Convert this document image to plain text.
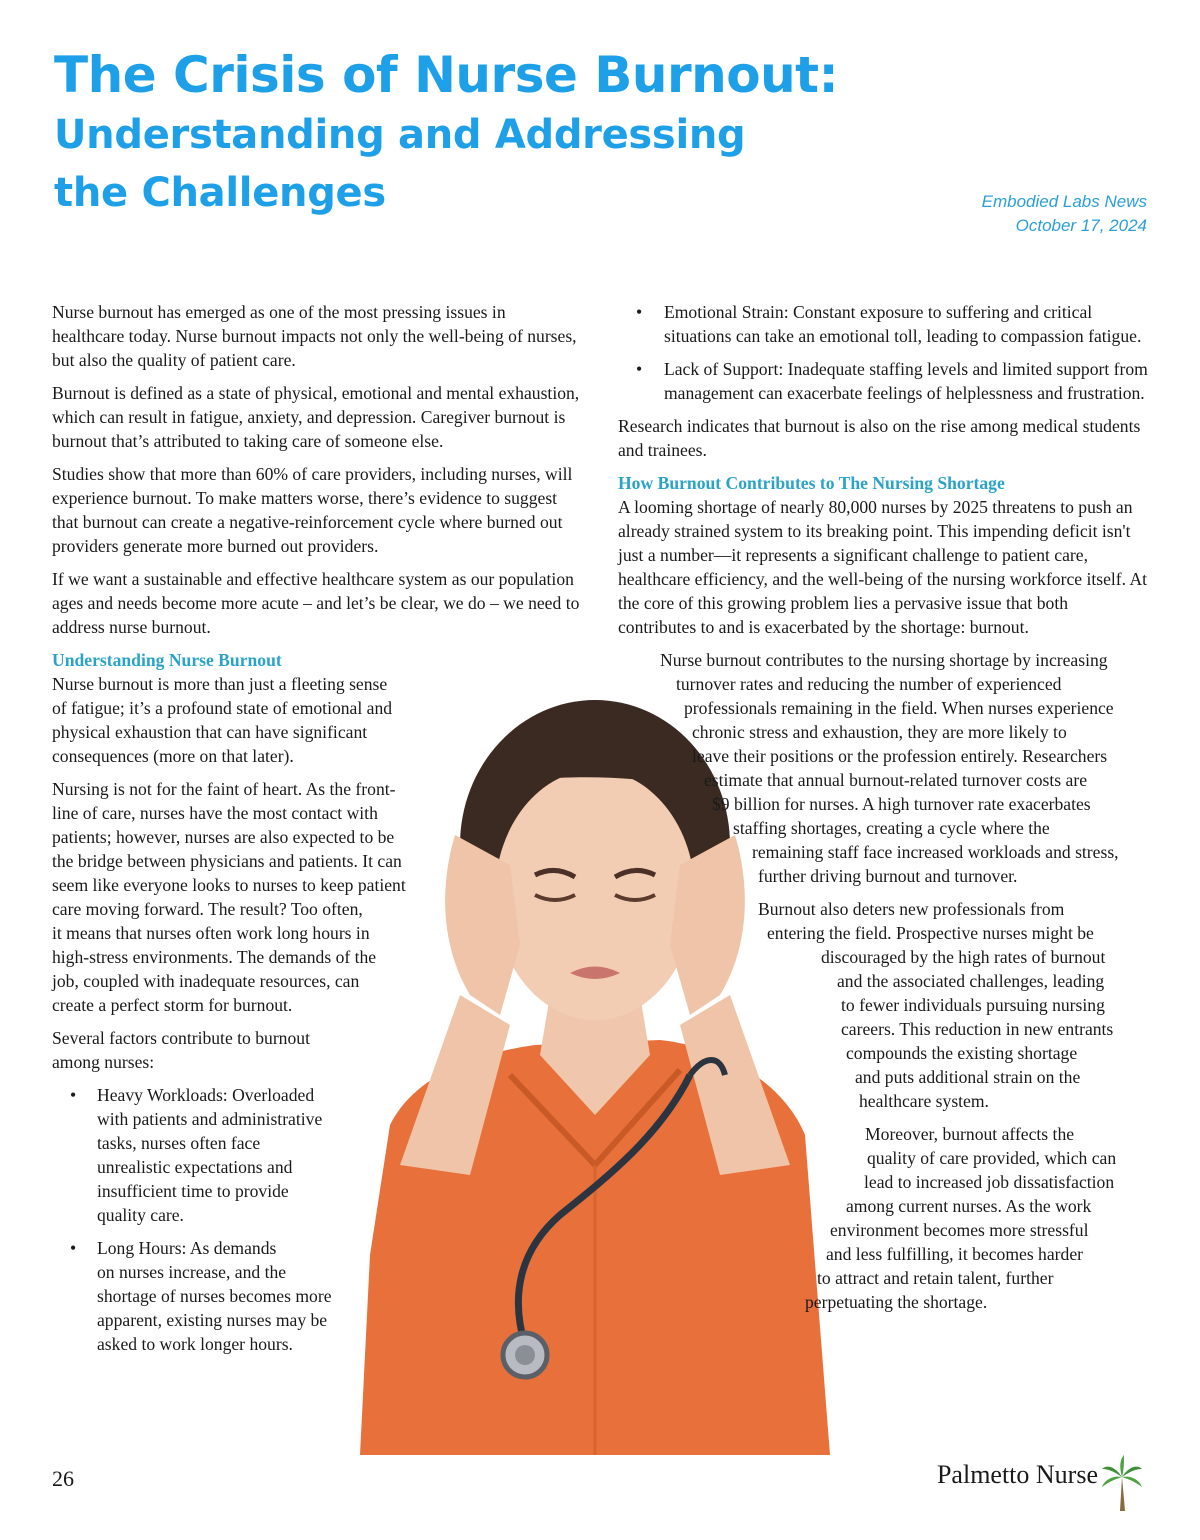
The Crisis of Nurse Burnout:
Understanding and Addressing
the Challenges	Embodied Labs News
October 17, 2024

Nurse burnout has emerged as one of the most pressing issues in healthcare today. Nurse burnout impacts not only the well-being of nurses, but also the quality of patient care.

Burnout is defined as a state of physical, emotional and mental exhaustion, which can result in fatigue, anxiety, and depression. Caregiver burnout is burnout that’s attributed to taking care of someone else.

Studies show that more than 60% of care providers, including nurses, will experience burnout. To make matters worse, there’s evidence to suggest that burnout can create a negative-reinforcement cycle where burned out providers generate more burned out providers.

If we want a sustainable and effective healthcare system as our population ages and needs become more acute – and let’s be clear, we do – we need to address nurse burnout.

Understanding Nurse Burnout

Nurse burnout is more than just a fleeting sense
of fatigue; it’s a profound state of emotional and
physical exhaustion that can have significant
consequences (more on that later).

Nursing is not for the faint of heart. As the front-
line of care, nurses have the most contact with
patients; however, nurses are also expected to be
the bridge between physicians and patients. It can
seem like everyone looks to nurses to keep patient
care moving forward. The result? Too often,
it means that nurses often work long hours in
high-stress environments. The demands of the
job, coupled with inadequate resources, can
create a perfect storm for burnout.

Several factors contribute to burnout
among nurses:

• Heavy Workloads: Overloaded
with patients and administrative
tasks, nurses often face
unrealistic expectations and
insufficient time to provide
quality care.
• Long Hours: As demands
on nurses increase, and the
shortage of nurses becomes more
apparent, existing nurses may be
asked to work longer hours.
• Emotional Strain: Constant exposure to suffering and critical situations can take an emotional toll, leading to compassion fatigue.
• Lack of Support: Inadequate staffing levels and limited support from management can exacerbate feelings of helplessness and frustration.

Research indicates that burnout is also on the rise among medical students and trainees.

How Burnout Contributes to The Nursing Shortage

A looming shortage of nearly 80,000 nurses by 2025 threatens to push an already strained system to its breaking point. This impending deficit isn't just a number—it represents a significant challenge to patient care, healthcare efficiency, and the well-being of the nursing workforce itself. At the core of this growing problem lies a pervasive issue that both contributes to and is exacerbated by the shortage: burnout.

Nurse burnout contributes to the nursing shortage by increasing
turnover rates and reducing the number of experienced
professionals remaining in the field. When nurses experience
chronic stress and exhaustion, they are more likely to
leave their positions or the profession entirely. Researchers
estimate that annual burnout-related turnover costs are
$9 billion for nurses. A high turnover rate exacerbates
staffing shortages, creating a cycle where the
remaining staff face increased workloads and stress,
further driving burnout and turnover.

Burnout also deters new professionals from
entering the field. Prospective nurses might be
discouraged by the high rates of burnout
and the associated challenges, leading
to fewer individuals pursuing nursing
careers. This reduction in new entrants
compounds the existing shortage
and puts additional strain on the
healthcare system.

Moreover, burnout affects the
quality of care provided, which can
lead to increased job dissatisfaction
among current nurses. As the work
environment becomes more stressful
and less fulfilling, it becomes harder
to attract and retain talent, further
perpetuating the shortage.

26	Palmetto Nurse
